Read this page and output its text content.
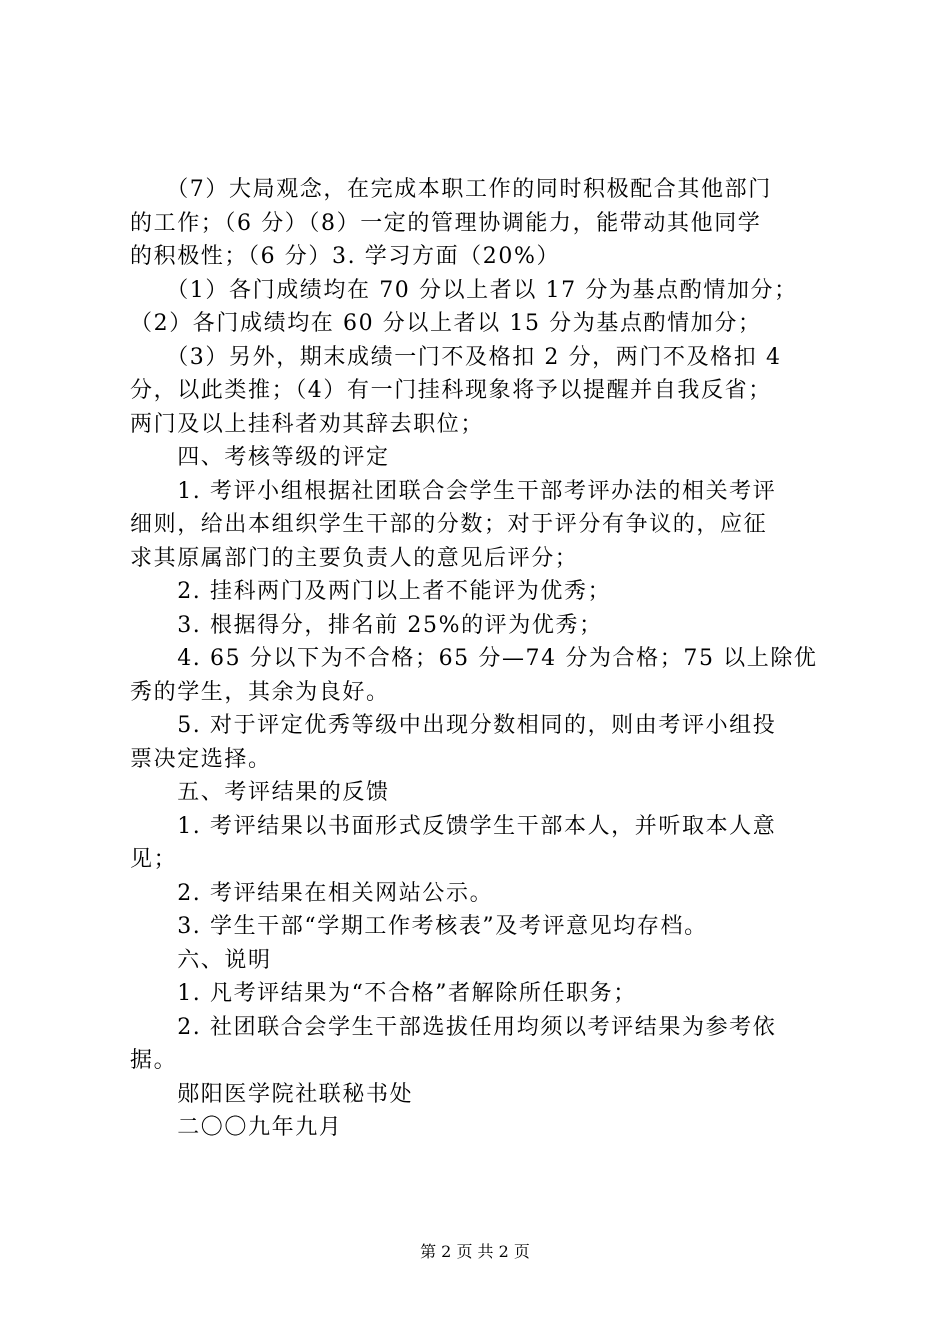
　　（7）大局观念，在完成本职工作的同时积极配合其他部门
的工作；（6 分）（8）一定的管理协调能力，能带动其他同学
的积极性；（6 分）3. 学习方面（20%）
　　（1）各门成绩均在 70 分以上者以 17 分为基点酌情加分；
（2）各门成绩均在 60 分以上者以 15 分为基点酌情加分；
　　（3）另外，期末成绩一门不及格扣 2 分，两门不及格扣 4
分，以此类推；（4）有一门挂科现象将予以提醒并自我反省；
两门及以上挂科者劝其辞去职位；
　　四、考核等级的评定
　　1. 考评小组根据社团联合会学生干部考评办法的相关考评
细则，给出本组织学生干部的分数；对于评分有争议的，应征
求其原属部门的主要负责人的意见后评分；
　　2. 挂科两门及两门以上者不能评为优秀；
　　3. 根据得分，排名前 25%的评为优秀；
　　4. 65 分以下为不合格；65 分—74 分为合格；75 以上除优
秀的学生，其余为良好。
　　5. 对于评定优秀等级中出现分数相同的，则由考评小组投
票决定选择。
　　五、考评结果的反馈
　　1. 考评结果以书面形式反馈学生干部本人，并听取本人意
见；
　　2. 考评结果在相关网站公示。
　　3. 学生干部“学期工作考核表”及考评意见均存档。
　　六、说明
　　1. 凡考评结果为“不合格”者解除所任职务；
　　2. 社团联合会学生干部选拔任用均须以考评结果为参考依
据。
　　郧阳医学院社联秘书处
　　二〇〇九年九月
第 2 页 共 2 页
